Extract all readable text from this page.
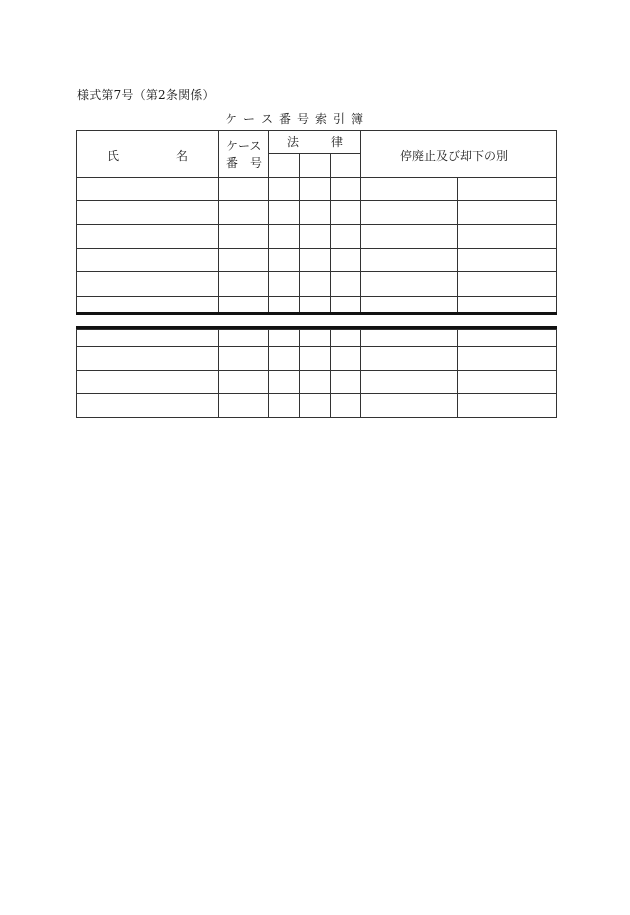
様式第7号（第2条関係）
ケ ー ス 番 号 索 引 簿
氏	名
ケース
番　号
法	律
停廃止及び却下の別
